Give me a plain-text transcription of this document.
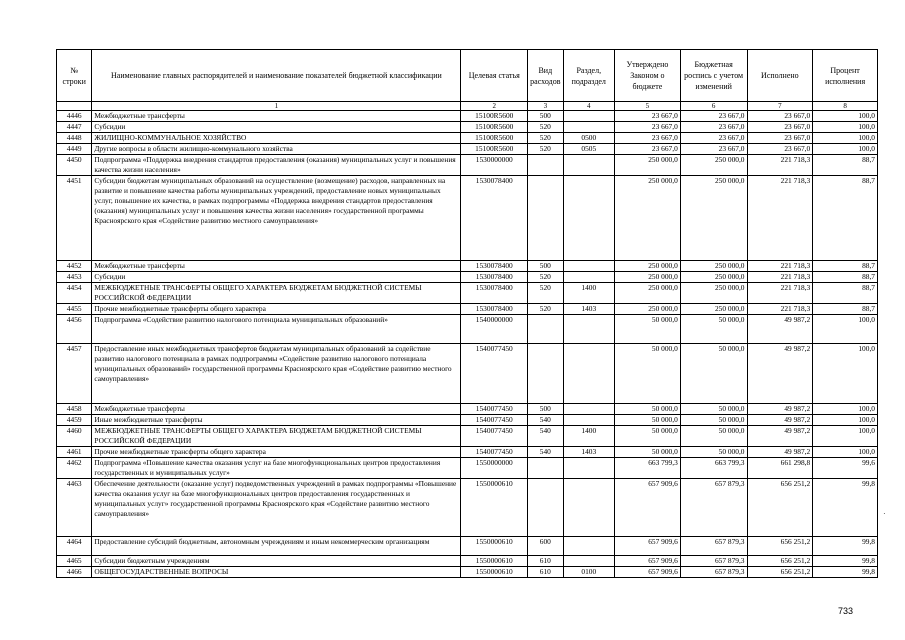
№ строки	Наименование главных распорядителей и наименование показателей бюджетной классификации	Целевая статья	Вид расходов	Раздел, подраздел	Утверждено Законом о бюджете	Бюджетная роспись с учетом изменений	Исполнено	Процент исполнения
	1	2	3	4	5	6	7	8
4446	Межбюджетные трансферты	15100R5600	500		23 667,0	23 667,0	23 667,0	100,0
4447	Субсидии	15100R5600	520		23 667,0	23 667,0	23 667,0	100,0
4448	ЖИЛИЩНО-КОММУНАЛЬНОЕ ХОЗЯЙСТВО	15100R5600	520	0500	23 667,0	23 667,0	23 667,0	100,0
4449	Другие вопросы в области жилищно-коммунального хозяйства	15100R5600	520	0505	23 667,0	23 667,0	23 667,0	100,0
4450	Подпрограмма «Поддержка внедрения стандартов предоставления (оказания) муниципальных услуг и повышения качества жизни населения»	1530000000			250 000,0	250 000,0	221 718,3	88,7
4451	Субсидии бюджетам муниципальных образований на осуществление (возмещение) расходов, направленных на развитие и повышение качества работы муниципальных учреждений, предоставление новых муниципальных услуг, повышение их качества, в рамках подпрограммы «Поддержка внедрения стандартов предоставления (оказания) муниципальных услуг и повышения качества жизни населения» государственной программы Красноярского края «Содействие развитию местного самоуправления»	1530078400			250 000,0	250 000,0	221 718,3	88,7
4452	Межбюджетные трансферты	1530078400	500		250 000,0	250 000,0	221 718,3	88,7
4453	Субсидии	1530078400	520		250 000,0	250 000,0	221 718,3	88,7
4454	МЕЖБЮДЖЕТНЫЕ ТРАНСФЕРТЫ ОБЩЕГО ХАРАКТЕРА БЮДЖЕТАМ БЮДЖЕТНОЙ СИСТЕМЫ РОССИЙСКОЙ ФЕДЕРАЦИИ	1530078400	520	1400	250 000,0	250 000,0	221 718,3	88,7
4455	Прочие межбюджетные трансферты общего характера	1530078400	520	1403	250 000,0	250 000,0	221 718,3	88,7
4456	Подпрограмма «Содействие развитию налогового потенциала муниципальных образований»	1540000000			50 000,0	50 000,0	49 987,2	100,0
4457	Предоставление иных межбюджетных трансфертов бюджетам муниципальных образований за содействие развитию налогового потенциала в рамках подпрограммы «Содействие развитию налогового потенциала муниципальных образований» государственной программы Красноярского края «Содействие развитию местного самоуправления»	1540077450			50 000,0	50 000,0	49 987,2	100,0
4458	Межбюджетные трансферты	1540077450	500		50 000,0	50 000,0	49 987,2	100,0
4459	Иные межбюджетные трансферты	1540077450	540		50 000,0	50 000,0	49 987,2	100,0
4460	МЕЖБЮДЖЕТНЫЕ ТРАНСФЕРТЫ ОБЩЕГО ХАРАКТЕРА БЮДЖЕТАМ БЮДЖЕТНОЙ СИСТЕМЫ РОССИЙСКОЙ ФЕДЕРАЦИИ	1540077450	540	1400	50 000,0	50 000,0	49 987,2	100,0
4461	Прочие межбюджетные трансферты общего характера	1540077450	540	1403	50 000,0	50 000,0	49 987,2	100,0
4462	Подпрограмма «Повышение качества оказания услуг на базе многофункциональных центров предоставления государственных и муниципальных услуг»	1550000000			663 799,3	663 799,3	661 298,8	99,6
4463	Обеспечение деятельности (оказание услуг) подведомственных учреждений в рамках подпрограммы «Повышение качества оказания услуг на базе многофункциональных центров предоставления государственных и муниципальных услуг» государственной программы Красноярского края «Содействие развитию местного самоуправления»	1550000610			657 909,6	657 879,3	656 251,2	99,8
4464	Предоставление субсидий бюджетным, автономным учреждениям и иным некоммерческим организациям	1550000610	600		657 909,6	657 879,3	656 251,2	99,8
4465	Субсидии бюджетным учреждениям	1550000610	610		657 909,6	657 879,3	656 251,2	99,8
4466	ОБЩЕГОСУДАРСТВЕННЫЕ ВОПРОСЫ	1550000610	610	0100	657 909,6	657 879,3	656 251,2	99,8
733
·
